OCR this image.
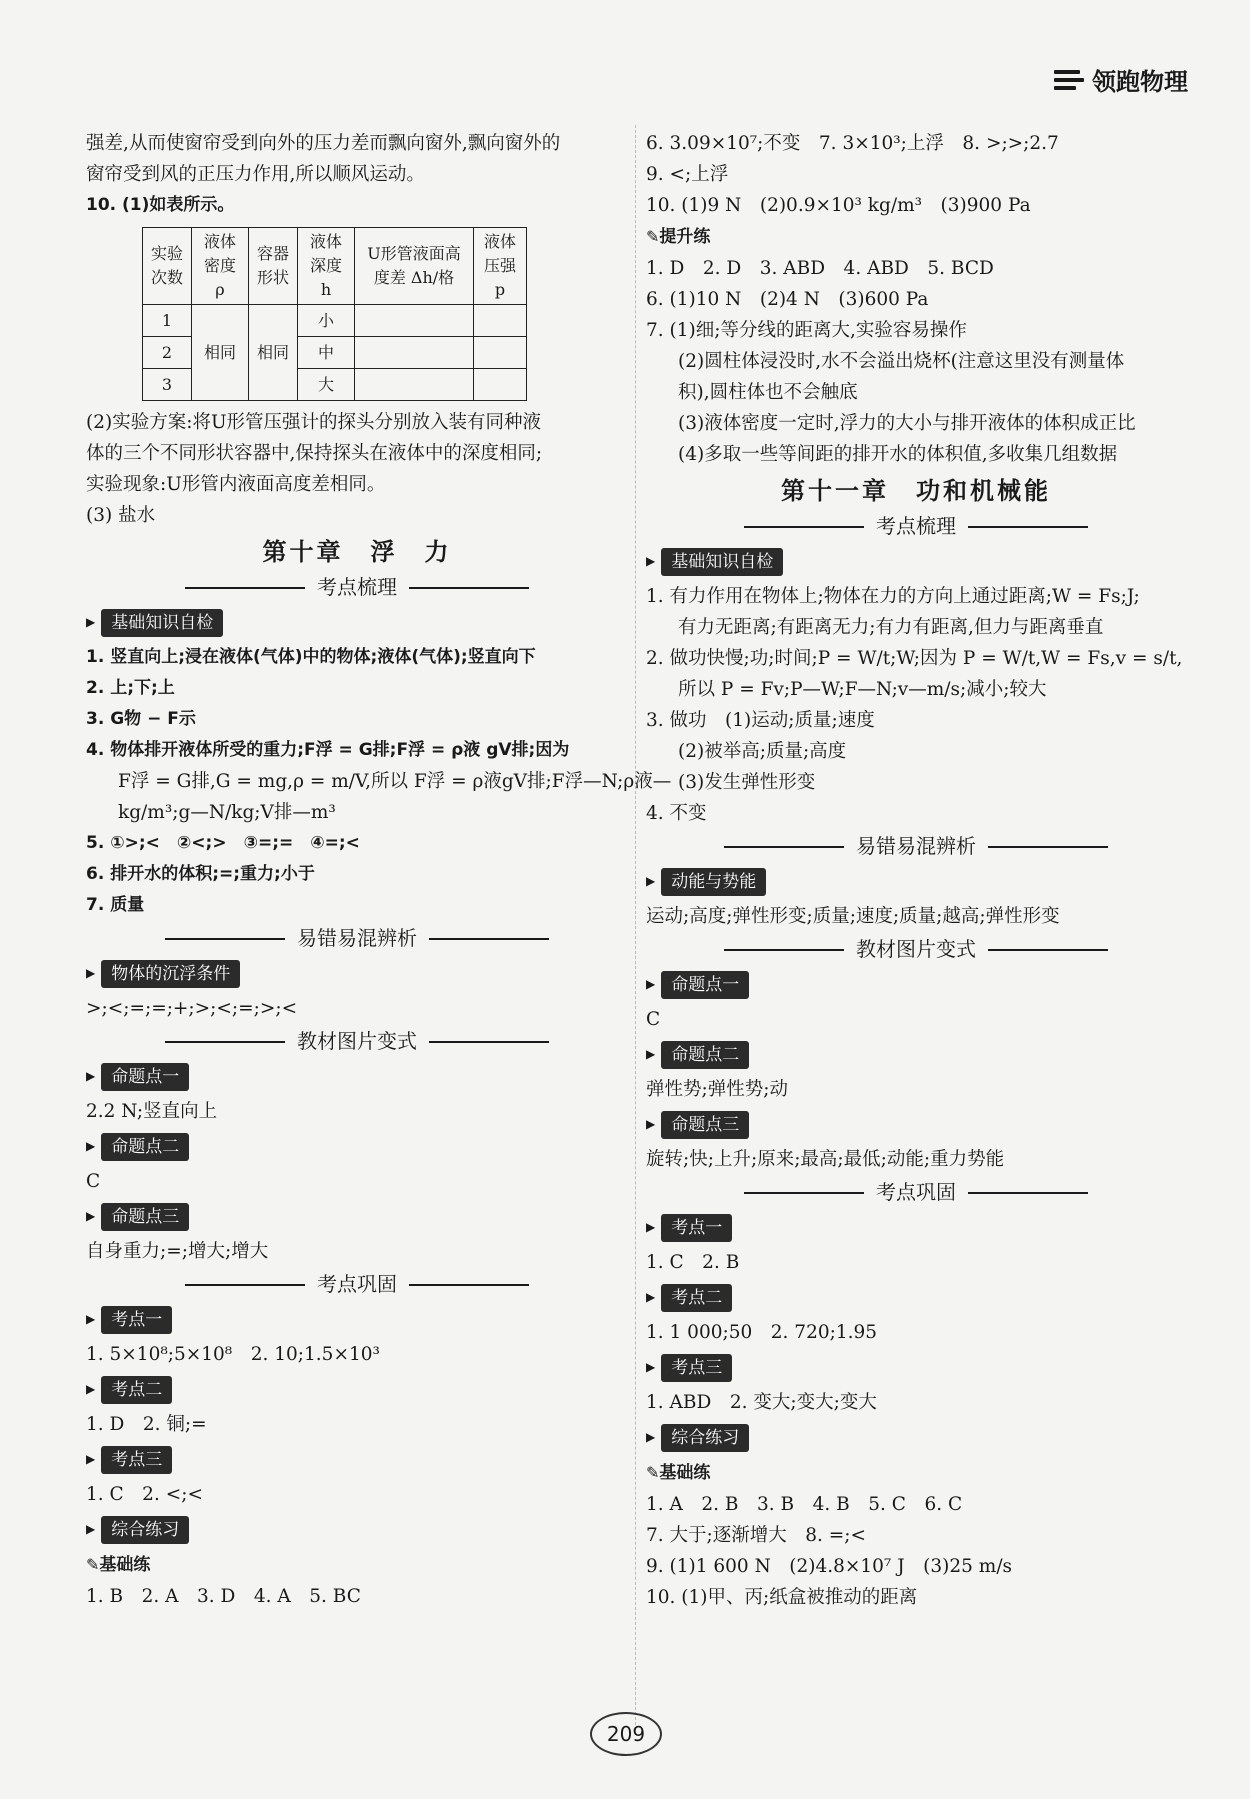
领跑物理
强差,从而使窗帘受到向外的压力差而飘向窗外,飘向窗外的
窗帘受到风的正压力作用,所以顺风运动。
10. (1)如表所示。
实验次数	液体密度 ρ	容器形状	液体深度 h	U形管液面高度差 Δh/格	液体压强 p
1	相同	相同	小		
2			中		
3			大		
(2)实验方案:将U形管压强计的探头分别放入装有同种液
体的三个不同形状容器中,保持探头在液体中的深度相同;
实验现象:U形管内液面高度差相同。
(3) 盐水
第十章　浮　力
考点梳理
▶ 基础知识自检
1. 竖直向上;浸在液体(气体)中的物体;液体(气体);竖直向下
2. 上;下;上
3. G物 − F示
4. 物体排开液体所受的重力;F浮 = G排;F浮 = ρ液 gV排;因为
F浮 = G排,G = mg,ρ = m/V,所以 F浮 = ρ液gV排;F浮—N;ρ液—
kg/m³;g—N/kg;V排—m³
5. ①>;<　②<;>　③=;=　④=;<
6. 排开水的体积;=;重力;小于
7. 质量
易错易混辨析
▶ 物体的沉浮条件
>;<;=;=;+;>;<;=;>;<
教材图片变式
▶ 命题点一
2.2 N;竖直向上
▶ 命题点二
C
▶ 命题点三
自身重力;=;增大;增大
考点巩固
▶ 考点一
1. 5×10⁸;5×10⁸　2. 10;1.5×10³
▶ 考点二
1. D　2. 铜;=
▶ 考点三
1. C　2. <;<
▶ 综合练习
✎基础练
1. B　2. A　3. D　4. A　5. BC
6. 3.09×10⁷;不变　7. 3×10³;上浮　8. >;>;2.7
9. <;上浮
10. (1)9 N　(2)0.9×10³ kg/m³　(3)900 Pa
✎提升练
1. D　2. D　3. ABD　4. ABD　5. BCD
6. (1)10 N　(2)4 N　(3)600 Pa
7. (1)细;等分线的距离大,实验容易操作
(2)圆柱体浸没时,水不会溢出烧杯(注意这里没有测量体
积),圆柱体也不会触底
(3)液体密度一定时,浮力的大小与排开液体的体积成正比
(4)多取一些等间距的排开水的体积值,多收集几组数据
第十一章　功和机械能
考点梳理
▶ 基础知识自检
1. 有力作用在物体上;物体在力的方向上通过距离;W = Fs;J;
有力无距离;有距离无力;有力有距离,但力与距离垂直
2. 做功快慢;功;时间;P = W/t;W;因为 P = W/t,W = Fs,v = s/t,
所以 P = Fv;P—W;F—N;v—m/s;减小;较大
3. 做功　(1)运动;质量;速度
(2)被举高;质量;高度
(3)发生弹性形变
4. 不变
易错易混辨析
▶ 动能与势能
运动;高度;弹性形变;质量;速度;质量;越高;弹性形变
教材图片变式
▶ 命题点一
C
▶ 命题点二
弹性势;弹性势;动
▶ 命题点三
旋转;快;上升;原来;最高;最低;动能;重力势能
考点巩固
▶ 考点一
1. C　2. B
▶ 考点二
1. 1 000;50　2. 720;1.95
▶ 考点三
1. ABD　2. 变大;变大;变大
▶ 综合练习
✎基础练
1. A　2. B　3. B　4. B　5. C　6. C
7. 大于;逐渐增大　8. =;<
9. (1)1 600 N　(2)4.8×10⁷ J　(3)25 m/s
10. (1)甲、丙;纸盒被推动的距离
209
